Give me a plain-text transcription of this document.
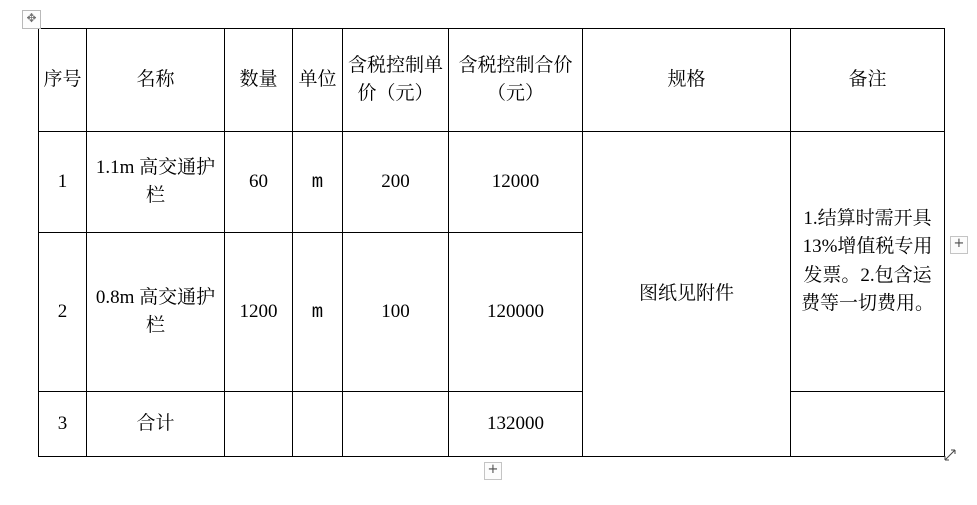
✥
+
+
序号	名称	数量	单位	含税控制单价（元）	含税控制合价（元）	规格	备注
1	1.1m 高交通护栏	60	m	200	12000	图纸见附件	1.结算时需开具13%增值税专用发票。2.包含运费等一切费用。
2	0.8m 高交通护栏	1200	m	100	120000		
3	合计				132000		
